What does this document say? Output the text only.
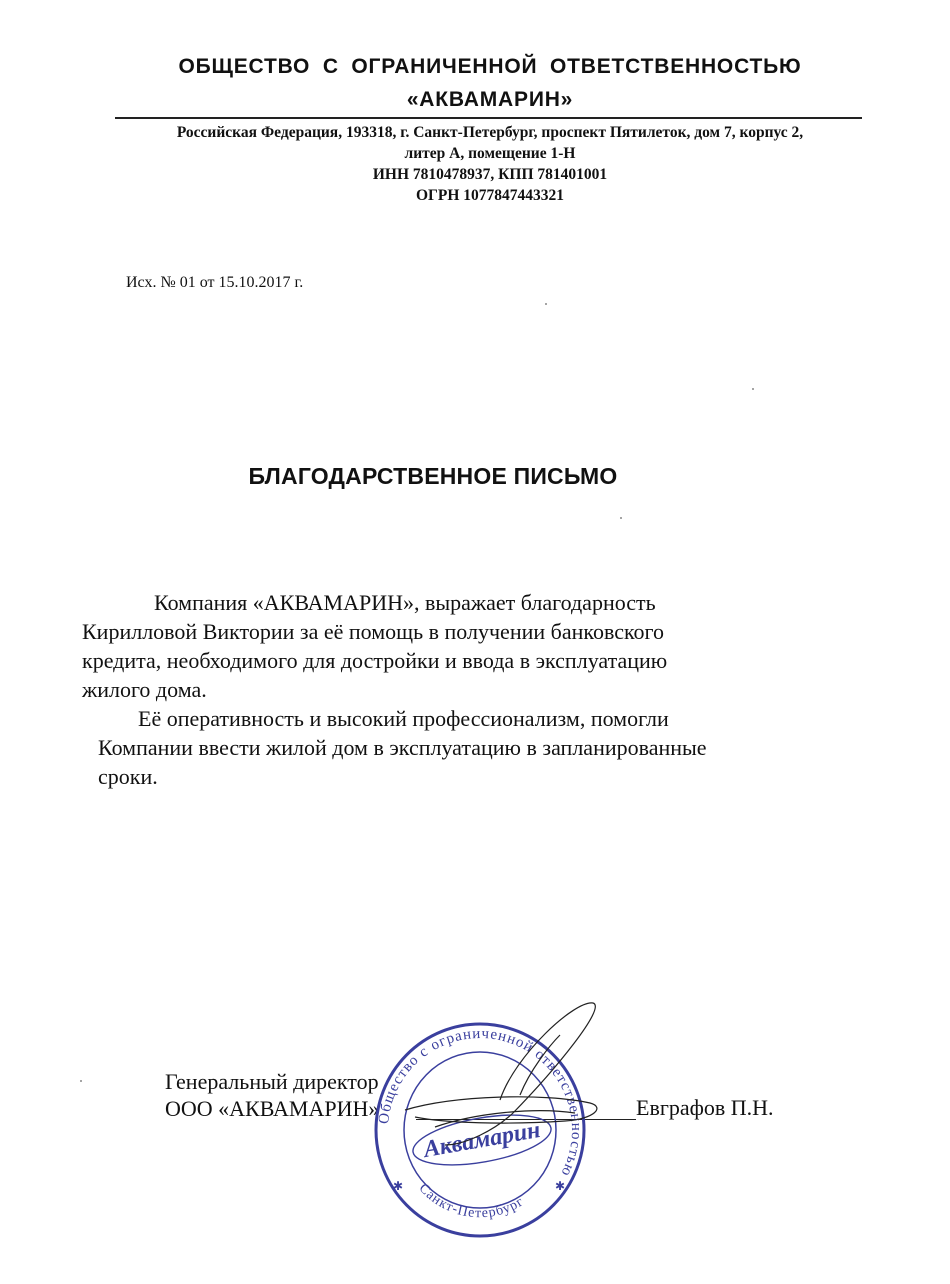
ОБЩЕСТВО С ОГРАНИЧЕННОЙ ОТВЕТСТВЕННОСТЬЮ
«АКВАМАРИН»
Российская Федерация, 193318, г. Санкт-Петербург, проспект Пятилеток, дом 7, корпус 2,
литер А, помещение 1-Н
ИНН 7810478937, КПП 781401001
ОГРН 1077847443321
Исх. № 01 от 15.10.2017 г.
БЛАГОДАРСТВЕННОЕ ПИСЬМО

Компания «АКВАМАРИН», выражает благодарность
Кирилловой Виктории за её помощь в получении банковского
кредита, необходимого для достройки и ввода в эксплуатацию
жилого дома.

Её оперативность и высокий профессионализм, помогли
Компании ввести жилой дом в эксплуатацию в запланированные
сроки.

Генеральный директор
ООО «АКВАМАРИН»	Евграфов П.Н.
Общество с ограниченной ответственностью
Аквамарин
Санкт-Петербург
✱	✱
